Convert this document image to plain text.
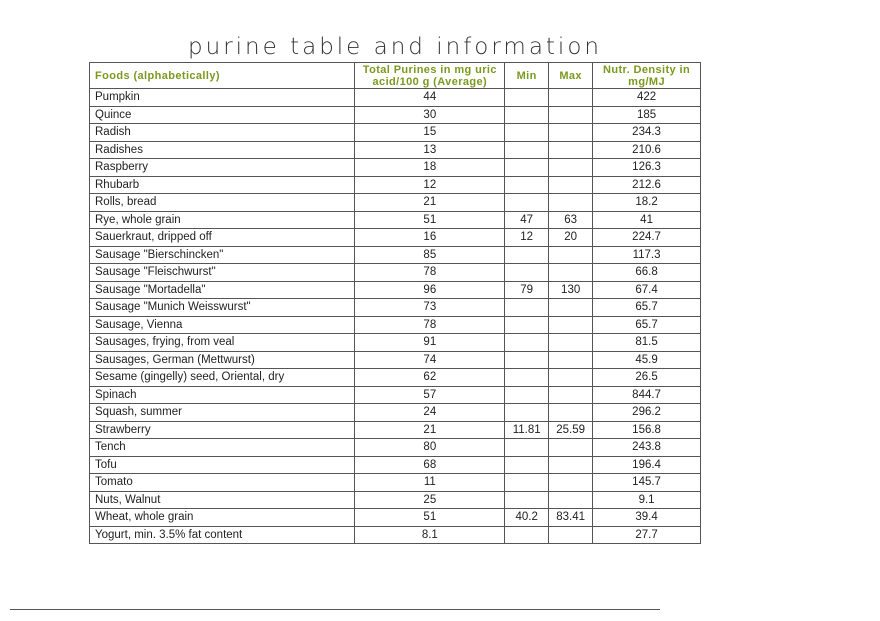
purine table and information
Foods (alphabetically)	Total Purines in mg uric acid/100 g (Average)	Min	Max	Nutr. Density in mg/MJ
Pumpkin	44			422
Quince	30			185
Radish	15			234.3
Radishes	13			210.6
Raspberry	18			126.3
Rhubarb	12			212.6
Rolls, bread	21			18.2
Rye, whole grain	51	47	63	41
Sauerkraut, dripped off	16	12	20	224.7
Sausage "Bierschincken"	85			117.3
Sausage "Fleischwurst"	78			66.8
Sausage "Mortadella"	96	79	130	67.4
Sausage "Munich Weisswurst"	73			65.7
Sausage, Vienna	78			65.7
Sausages, frying, from veal	91			81.5
Sausages, German (Mettwurst)	74			45.9
Sesame (gingelly) seed, Oriental, dry	62			26.5
Spinach	57			844.7
Squash, summer	24			296.2
Strawberry	21	11.81	25.59	156.8
Tench	80			243.8
Tofu	68			196.4
Tomato	11			145.7
Nuts, Walnut	25			9.1
Wheat, whole grain	51	40.2	83.41	39.4
Yogurt, min. 3.5% fat content	8.1			27.7
